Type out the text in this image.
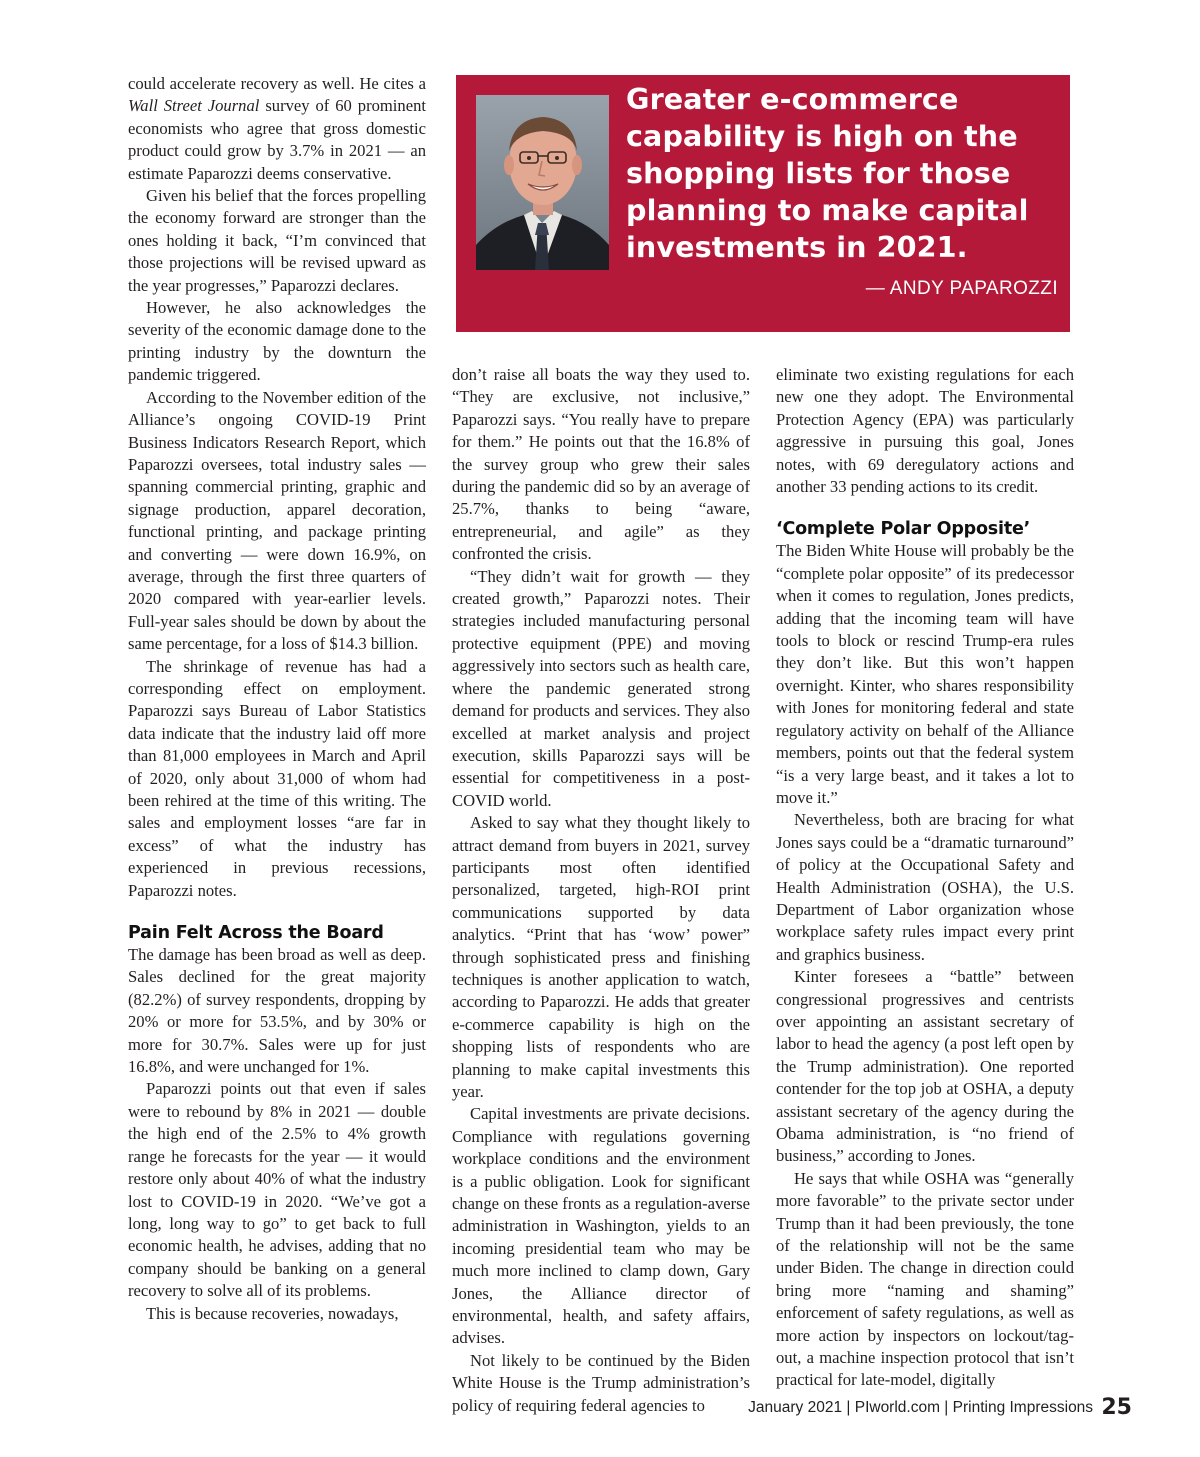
could accelerate recovery as well. He cites a Wall Street Journal survey of 60 prominent economists who agree that gross domestic product could grow by 3.7% in 2021 — an estimate Paparozzi deems conservative.

Given his belief that the forces propelling the economy forward are stronger than the ones holding it back, “I’m convinced that those projections will be revised upward as the year progresses,” Paparozzi declares.

However, he also acknowledges the severity of the economic damage done to the printing industry by the downturn the pandemic triggered.

According to the November edition of the Alliance’s ongoing COVID-19 Print Business Indicators Research Report, which Paparozzi oversees, total industry sales — spanning commercial printing, graphic and signage production, apparel decoration, functional printing, and package printing and converting — were down 16.9%, on average, through the first three quarters of 2020 compared with year-earlier levels. Full-year sales should be down by about the same percentage, for a loss of $14.3 billion.

The shrinkage of revenue has had a corresponding effect on employment. Paparozzi says Bureau of Labor Statistics data indicate that the industry laid off more than 81,000 employees in March and April of 2020, only about 31,000 of whom had been rehired at the time of this writing. The sales and employment losses “are far in excess” of what the industry has experienced in previous recessions, Paparozzi notes.

Pain Felt Across the Board

The damage has been broad as well as deep. Sales declined for the great majority (82.2%) of survey respondents, dropping by 20% or more for 53.5%, and by 30% or more for 30.7%. Sales were up for just 16.8%, and were unchanged for 1%.

Paparozzi points out that even if sales were to rebound by 8% in 2021 — double the high end of the 2.5% to 4% growth range he forecasts for the year — it would restore only about 40% of what the industry lost to COVID-19 in 2020. “We’ve got a long, long way to go” to get back to full economic health, he advises, adding that no company should be banking on a general recovery to solve all of its problems.

This is because recoveries, nowadays,

Greater e-commerce capability is high on the shopping lists for those planning to make capital investments in 2021.
— ANDY PAPAROZZI

don’t raise all boats the way they used to. “They are exclusive, not inclusive,” Paparozzi says. “You really have to prepare for them.” He points out that the 16.8% of the survey group who grew their sales during the pandemic did so by an average of 25.7%, thanks to being “aware, entrepreneurial, and agile” as they confronted the crisis.

“They didn’t wait for growth — they created growth,” Paparozzi notes. Their strategies included manufacturing personal protective equipment (PPE) and moving aggressively into sectors such as health care, where the pandemic generated strong demand for products and services. They also excelled at market analysis and project execution, skills Paparozzi says will be essential for competitiveness in a post-COVID world.

Asked to say what they thought likely to attract demand from buyers in 2021, survey participants most often identified personalized, targeted, high-ROI print communications supported by data analytics. “Print that has ‘wow’ power” through sophisticated press and finishing techniques is another application to watch, according to Paparozzi. He adds that greater e-commerce capability is high on the shopping lists of respondents who are planning to make capital investments this year.

Capital investments are private decisions. Compliance with regulations governing workplace conditions and the environment is a public obligation. Look for significant change on these fronts as a regulation-averse administration in Washington, yields to an incoming presidential team who may be much more inclined to clamp down, Gary Jones, the Alliance director of environmental, health, and safety affairs, advises.

Not likely to be continued by the Biden White House is the Trump administration’s policy of requiring federal agencies to

eliminate two existing regulations for each new one they adopt. The Environmental Protection Agency (EPA) was particularly aggressive in pursuing this goal, Jones notes, with 69 deregulatory actions and another 33 pending actions to its credit.

‘Complete Polar Opposite’

The Biden White House will probably be the “complete polar opposite” of its predecessor when it comes to regulation, Jones predicts, adding that the incoming team will have tools to block or rescind Trump-era rules they don’t like. But this won’t happen overnight. Kinter, who shares responsibility with Jones for monitoring federal and state regulatory activity on behalf of the Alliance members, points out that the federal system “is a very large beast, and it takes a lot to move it.”

Nevertheless, both are bracing for what Jones says could be a “dramatic turnaround” of policy at the Occupational Safety and Health Administration (OSHA), the U.S. Department of Labor organization whose workplace safety rules impact every print and graphics business.

Kinter foresees a “battle” between congressional progressives and centrists over appointing an assistant secretary of labor to head the agency (a post left open by the Trump administration). One reported contender for the top job at OSHA, a deputy assistant secretary of the agency during the Obama administration, is “no friend of business,” according to Jones.

He says that while OSHA was “generally more favorable” to the private sector under Trump than it had been previously, the tone of the relationship will not be the same under Biden. The change in direction could bring more “naming and shaming” enforcement of safety regulations, as well as more action by inspectors on lockout/tag-out, a machine inspection protocol that isn’t practical for late-model, digitally

January 2021 | PIworld.com | Printing Impressions 25
